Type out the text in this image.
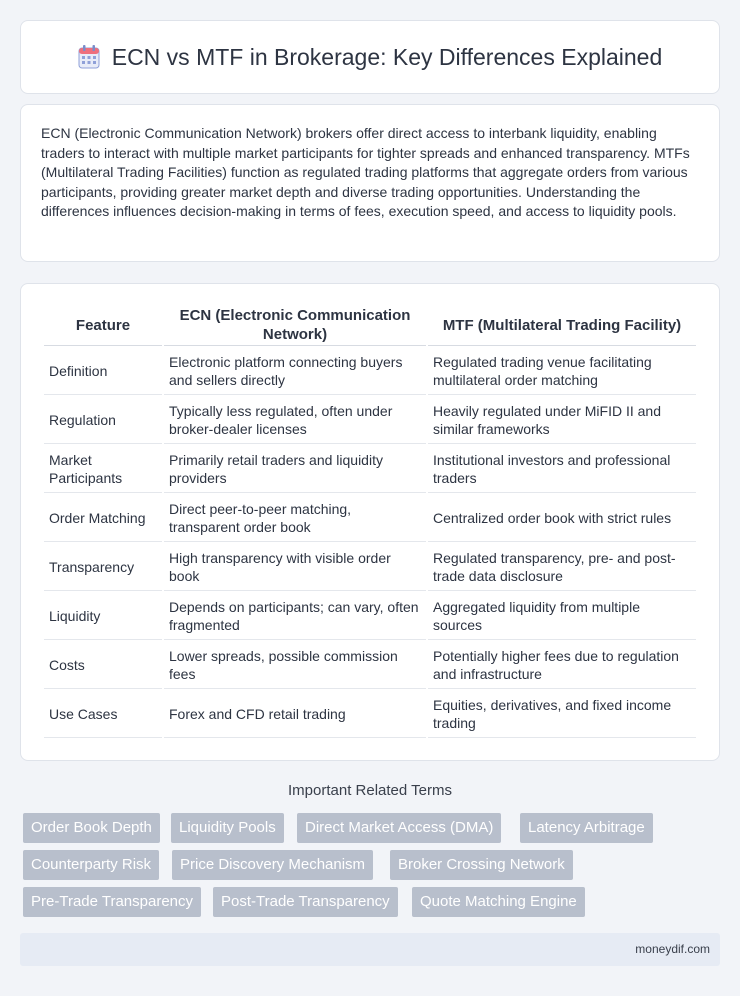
ECN vs MTF in Brokerage: Key Differences Explained

ECN (Electronic Communication Network) brokers offer direct access to interbank liquidity, enabling traders to interact with multiple market participants for tighter spreads and enhanced transparency. MTFs (Multilateral Trading Facilities) function as regulated trading platforms that aggregate orders from various participants, providing greater market depth and diverse trading opportunities. Understanding the differences influences decision-making in terms of fees, execution speed, and access to liquidity pools.

Feature	ECN (Electronic Communication Network)	MTF (Multilateral Trading Facility)
Definition	Electronic platform connecting buyers and sellers directly	Regulated trading venue facilitating multilateral order matching
Regulation	Typically less regulated, often under broker-dealer licenses	Heavily regulated under MiFID II and similar frameworks
Market Participants	Primarily retail traders and liquidity providers	Institutional investors and professional traders
Order Matching	Direct peer-to-peer matching, transparent order book	Centralized order book with strict rules
Transparency	High transparency with visible order book	Regulated transparency, pre- and post-trade data disclosure
Liquidity	Depends on participants; can vary, often fragmented	Aggregated liquidity from multiple sources
Costs	Lower spreads, possible commission fees	Potentially higher fees due to regulation and infrastructure
Use Cases	Forex and CFD retail trading	Equities, derivatives, and fixed income trading
Important Related Terms
Order Book Depth	Liquidity Pools	Direct Market Access (DMA)	Latency Arbitrage
Counterparty Risk	Price Discovery Mechanism	Broker Crossing Network
Pre-Trade Transparency	Post-Trade Transparency	Quote Matching Engine
moneydif.com
